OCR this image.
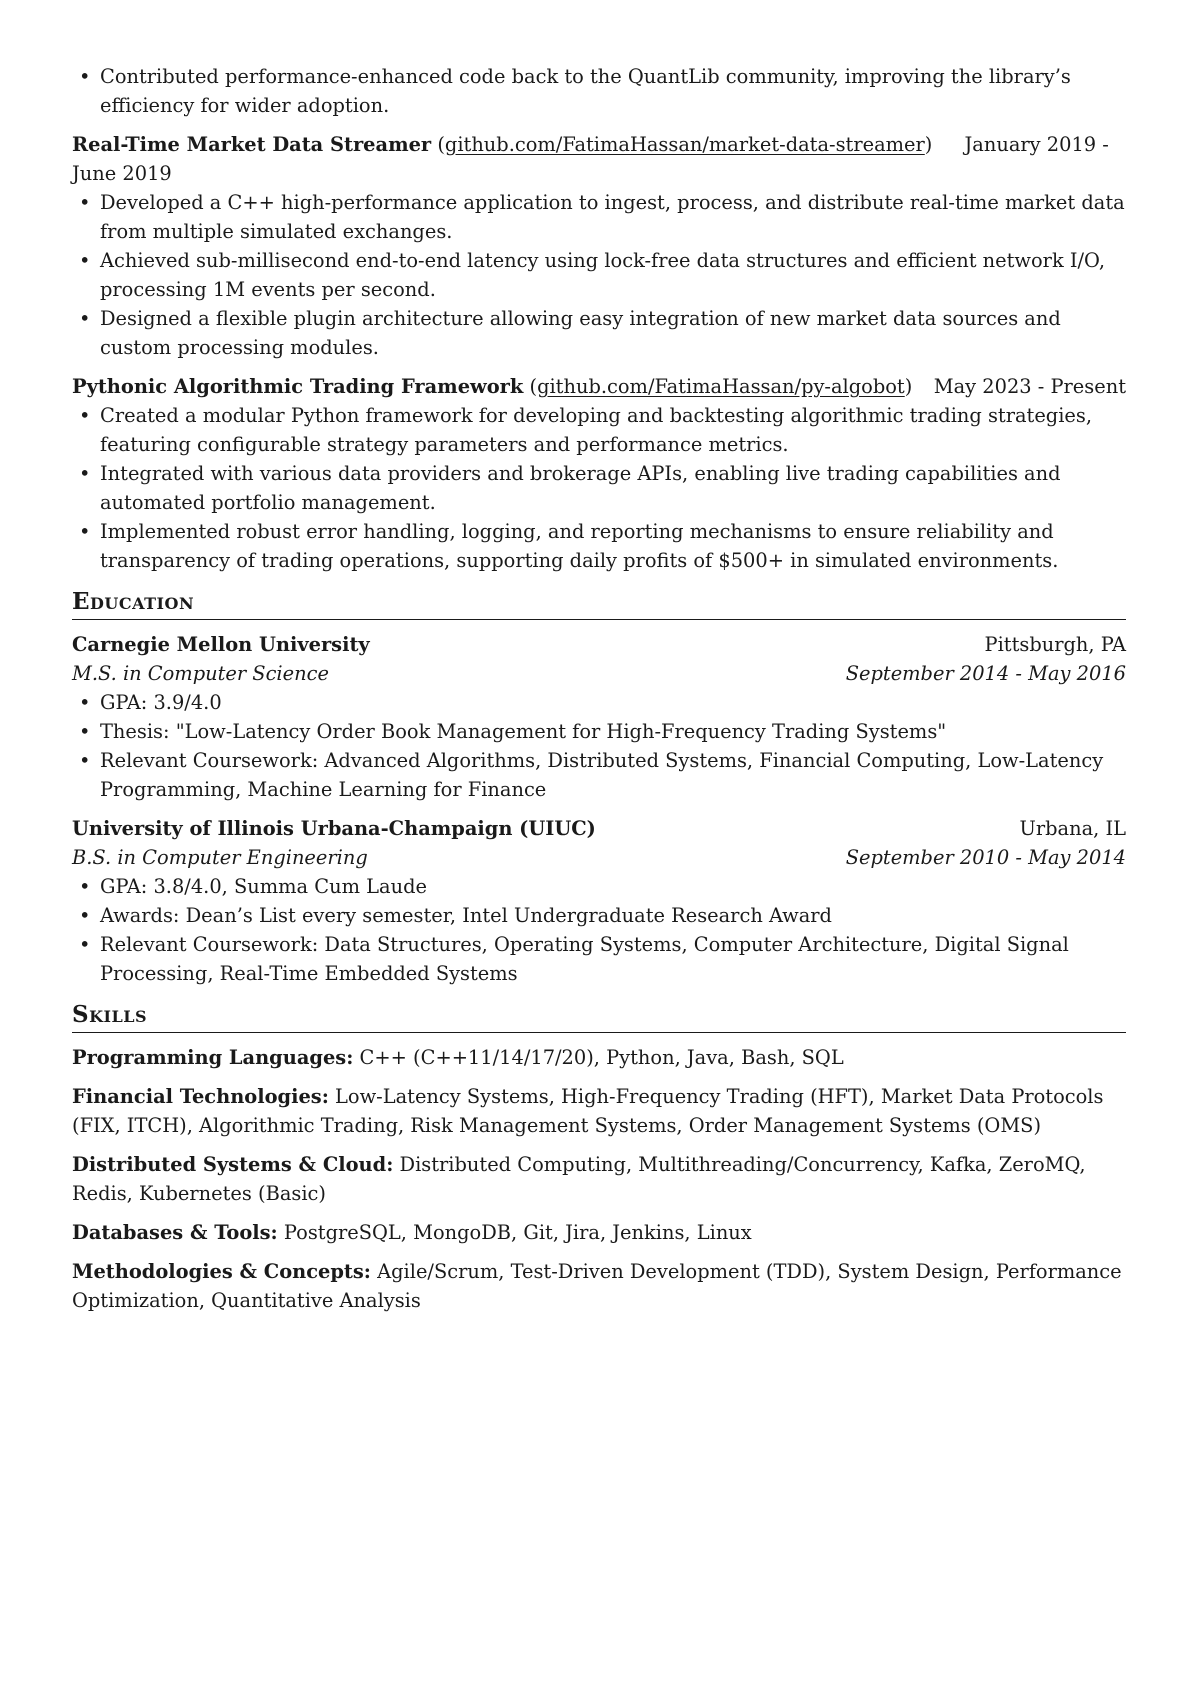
• Contributed performance-enhanced code back to the QuantLib community, improving the library’s efficiency for wider adoption.
Real-Time Market Data Streamer (github.com/FatimaHassan/market-data-streamer) January 2019 - June 2019
• Developed a C++ high-performance application to ingest, process, and distribute real-time market data from multiple simulated exchanges.
• Achieved sub-millisecond end-to-end latency using lock-free data structures and efficient network I/O, processing 1M events per second.
• Designed a flexible plugin architecture allowing easy integration of new market data sources and custom processing modules.
Pythonic Algorithmic Trading Framework (github.com/FatimaHassan/py-algobot) May 2023 - Present
• Created a modular Python framework for developing and backtesting algorithmic trading strategies, featuring configurable strategy parameters and performance metrics.
• Integrated with various data providers and brokerage APIs, enabling live trading capabilities and automated portfolio management.
• Implemented robust error handling, logging, and reporting mechanisms to ensure reliability and transparency of trading operations, supporting daily profits of $500+ in simulated environments.
Education
Carnegie Mellon University	Pittsburgh, PA
M.S. in Computer Science	September 2014 - May 2016
• GPA: 3.9/4.0
• Thesis: "Low-Latency Order Book Management for High-Frequency Trading Systems"
• Relevant Coursework: Advanced Algorithms, Distributed Systems, Financial Computing, Low-Latency Programming, Machine Learning for Finance
University of Illinois Urbana-Champaign (UIUC)	Urbana, IL
B.S. in Computer Engineering	September 2010 - May 2014
• GPA: 3.8/4.0, Summa Cum Laude
• Awards: Dean’s List every semester, Intel Undergraduate Research Award
• Relevant Coursework: Data Structures, Operating Systems, Computer Architecture, Digital Signal Processing, Real-Time Embedded Systems
Skills
Programming Languages: C++ (C++11/14/17/20), Python, Java, Bash, SQL
Financial Technologies: Low-Latency Systems, High-Frequency Trading (HFT), Market Data Protocols (FIX, ITCH), Algorithmic Trading, Risk Management Systems, Order Management Systems (OMS)
Distributed Systems & Cloud: Distributed Computing, Multithreading/Concurrency, Kafka, ZeroMQ, Redis, Kubernetes (Basic)
Databases & Tools: PostgreSQL, MongoDB, Git, Jira, Jenkins, Linux
Methodologies & Concepts: Agile/Scrum, Test-Driven Development (TDD), System Design, Performance Optimization, Quantitative Analysis
